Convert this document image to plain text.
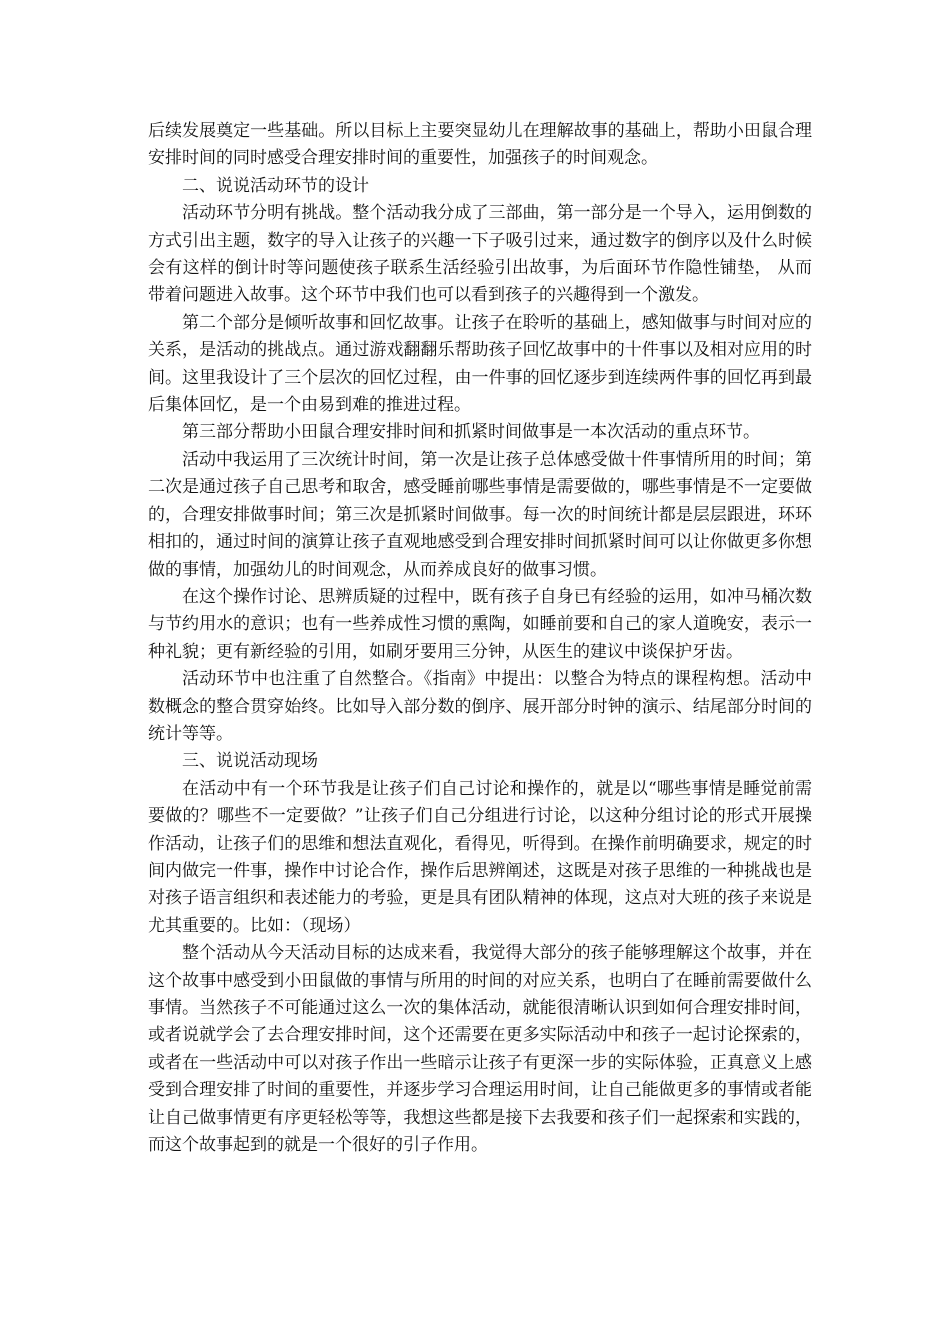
后续发展奠定一些基础。所以目标上主要突显幼儿在理解故事的基础上，帮助小田鼠合理安排时间的同时感受合理安排时间的重要性，加强孩子的时间观念。

二、说说活动环节的设计

活动环节分明有挑战。整个活动我分成了三部曲，第一部分是一个导入，运用倒数的方式引出主题，数字的导入让孩子的兴趣一下子吸引过来，通过数字的倒序以及什么时候会有这样的倒计时等问题使孩子联系生活经验引出故事，为后面环节作隐性铺垫， 从而带着问题进入故事。这个环节中我们也可以看到孩子的兴趣得到一个激发。

第二个部分是倾听故事和回忆故事。让孩子在聆听的基础上，感知做事与时间对应的关系，是活动的挑战点。通过游戏翻翻乐帮助孩子回忆故事中的十件事以及相对应用的时间。这里我设计了三个层次的回忆过程，由一件事的回忆逐步到连续两件事的回忆再到最后集体回忆，是一个由易到难的推进过程。

第三部分帮助小田鼠合理安排时间和抓紧时间做事是一本次活动的重点环节。

活动中我运用了三次统计时间，第一次是让孩子总体感受做十件事情所用的时间；第二次是通过孩子自己思考和取舍，感受睡前哪些事情是需要做的，哪些事情是不一定要做的，合理安排做事时间；第三次是抓紧时间做事。每一次的时间统计都是层层跟进，环环相扣的，通过时间的演算让孩子直观地感受到合理安排时间抓紧时间可以让你做更多你想做的事情，加强幼儿的时间观念，从而养成良好的做事习惯。

在这个操作讨论、思辨质疑的过程中，既有孩子自身已有经验的运用，如冲马桶次数与节约用水的意识；也有一些养成性习惯的熏陶，如睡前要和自己的家人道晚安，表示一种礼貌；更有新经验的引用，如刷牙要用三分钟，从医生的建议中谈保护牙齿。

活动环节中也注重了自然整合。《指南》中提出：以整合为特点的课程构想。活动中数概念的整合贯穿始终。比如导入部分数的倒序、展开部分时钟的演示、结尾部分时间的统计等等。

三、说说活动现场

在活动中有一个环节我是让孩子们自己讨论和操作的，就是以“哪些事情是睡觉前需要做的？哪些不一定要做？”让孩子们自己分组进行讨论，以这种分组讨论的形式开展操作活动，让孩子们的思维和想法直观化，看得见，听得到。在操作前明确要求，规定的时间内做完一件事，操作中讨论合作，操作后思辨阐述，这既是对孩子思维的一种挑战也是对孩子语言组织和表述能力的考验，更是具有团队精神的体现，这点对大班的孩子来说是尤其重要的。比如：（现场）

整个活动从今天活动目标的达成来看，我觉得大部分的孩子能够理解这个故事，并在这个故事中感受到小田鼠做的事情与所用的时间的对应关系，也明白了在睡前需要做什么事情。当然孩子不可能通过这么一次的集体活动，就能很清晰认识到如何合理安排时间，或者说就学会了去合理安排时间，这个还需要在更多实际活动中和孩子一起讨论探索的，或者在一些活动中可以对孩子作出一些暗示让孩子有更深一步的实际体验，正真意义上感受到合理安排了时间的重要性，并逐步学习合理运用时间，让自己能做更多的事情或者能让自己做事情更有序更轻松等等，我想这些都是接下去我要和孩子们一起探索和实践的，而这个故事起到的就是一个很好的引子作用。
